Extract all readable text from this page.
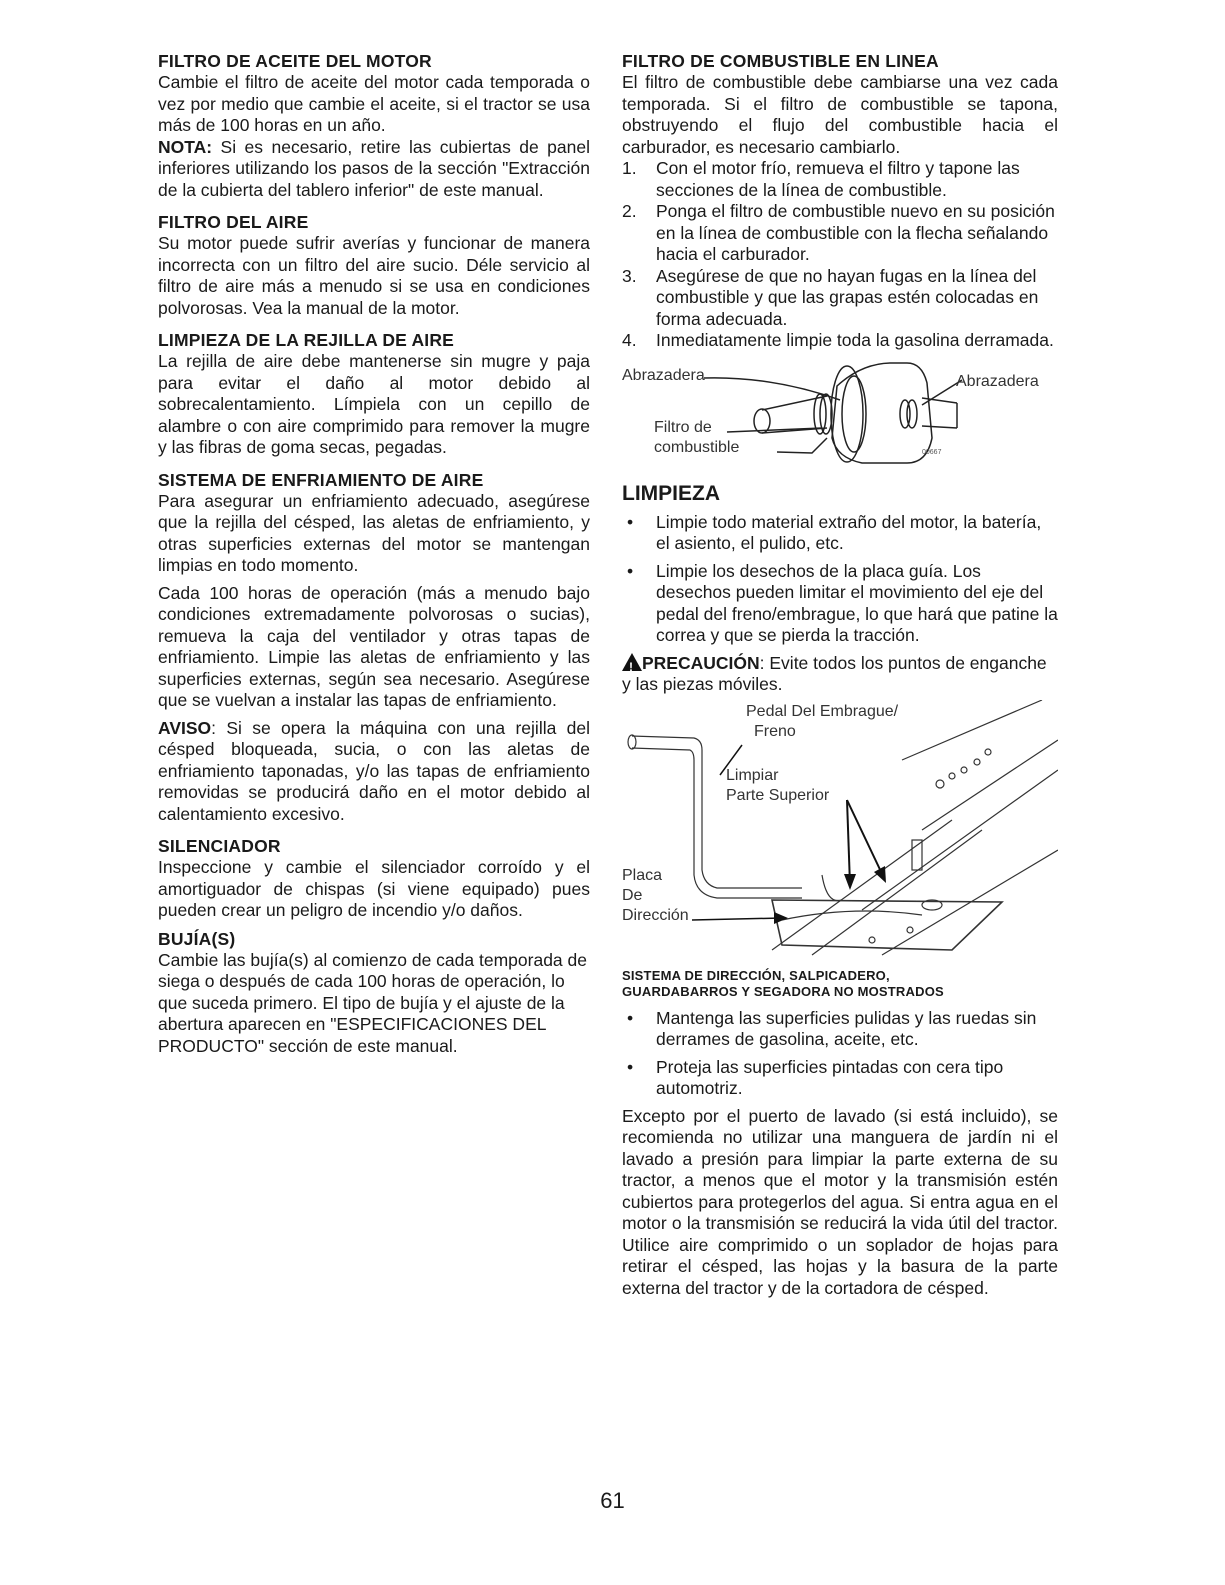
FILTRO DE ACEITE DEL MOTOR

Cambie el filtro de aceite del motor cada temporada o vez por medio que cambie el aceite, si el tractor se usa más de 100 horas en un año.

NOTA: Si es necesario, retire las cubiertas de panel inferiores utilizando los pasos de la sección "Extracción de la cubierta del tablero inferior" de este manual.

FILTRO DEL AIRE

Su motor puede sufrir averías y funcionar de manera incorrecta con un filtro del aire sucio. Déle servicio al filtro de aire más a menudo si se usa en condiciones polvorosas. Vea la manual de la motor.

LIMPIEZA DE LA REJILLA DE AIRE

La rejilla de aire debe mantenerse sin mugre y paja para evitar el daño al motor debido al sobrecalentamiento. Límpiela con un cepillo de alambre o con aire comprimido para remover la mugre y las fibras de goma secas, pegadas.

SISTEMA DE ENFRIAMIENTO DE AIRE

Para asegurar un enfriamiento adecuado, asegúrese que la rejilla del césped, las aletas de enfriamiento, y otras superficies externas del motor se mantengan limpias en todo momento.

Cada 100 horas de operación (más a menudo bajo condiciones extremadamente polvorosas o sucias), remueva la caja del ventilador y otras tapas de enfriamiento. Limpie las aletas de enfriamiento y las superficies externas, según sea necesario. Asegúrese que se vuelvan a instalar las tapas de enfriamiento.

AVISO: Si se opera la máquina con una rejilla del césped bloqueada, sucia, o con las aletas de enfriamiento taponadas, y/o las tapas de enfriamiento removidas se producirá daño en el motor debido al calentamiento excesivo.

SILENCIADOR

Inspeccione y cambie el silenciador corroído y el amortiguador de chispas (si viene equipado) pues pueden crear un peligro de incendio y/o daños.

BUJÍA(S)

Cambie las bujía(s) al comienzo de cada temporada de siega o después de cada 100 horas de operación, lo que suceda primero. El tipo de bujía y el ajuste de la abertura aparecen en "ESPECIFICACIONES DEL PRODUCTO" sección de este manual.

FILTRO DE COMBUSTIBLE EN LINEA

El filtro de combustible debe cambiarse una vez cada temporada. Si el filtro de combustible se tapona, obstruyendo el flujo del combustible hacia el carburador, es necesario cambiarlo.

1. Con el motor frío, remueva el filtro y tapone las secciones de la línea de combustible.
2. Ponga el filtro de combustible nuevo en su posición en la línea de combustible con la flecha señalando hacia el carburador.
3. Asegúrese de que no hayan fugas en la línea del combustible y que las grapas estén colocadas en forma adecuada.
4. Inmediatamente limpie toda la gasolina derramada.
00667
Abrazadera	Abrazadera
Filtro de
combustible
LIMPIEZA
• Limpie todo material extraño del motor, la batería, el asiento, el pulido, etc.
• Limpie los desechos de la placa guía. Los desechos pueden limitar el movimiento del eje del pedal del freno/embrague, lo que hará que patine la correa y que se pierda la tracción.

! PRECAUCIÓN: Evite todos los puntos de enganche y las piezas móviles.

Pedal Del Embrague/
Freno
Limpiar
Parte Superior
Placa
De
Dirección
SISTEMA DE DIRECCIÓN, SALPICADERO,
GUARDABARROS Y SEGADORA NO MOSTRADOS
• Mantenga las superficies pulidas y las ruedas sin derrames de gasolina, aceite, etc.
• Proteja las superficies pintadas con cera tipo automotriz.

Excepto por el puerto de lavado (si está incluido), se recomienda no utilizar una manguera de jardín ni el lavado a presión para limpiar la parte externa de su tractor, a menos que el motor y la transmisión estén cubiertos para protegerlos del agua. Si entra agua en el motor o la transmisión se reducirá la vida útil del tractor. Utilice aire comprimido o un soplador de hojas para retirar el césped, las hojas y la basura de la parte externa del tractor y de la cortadora de césped.

61
